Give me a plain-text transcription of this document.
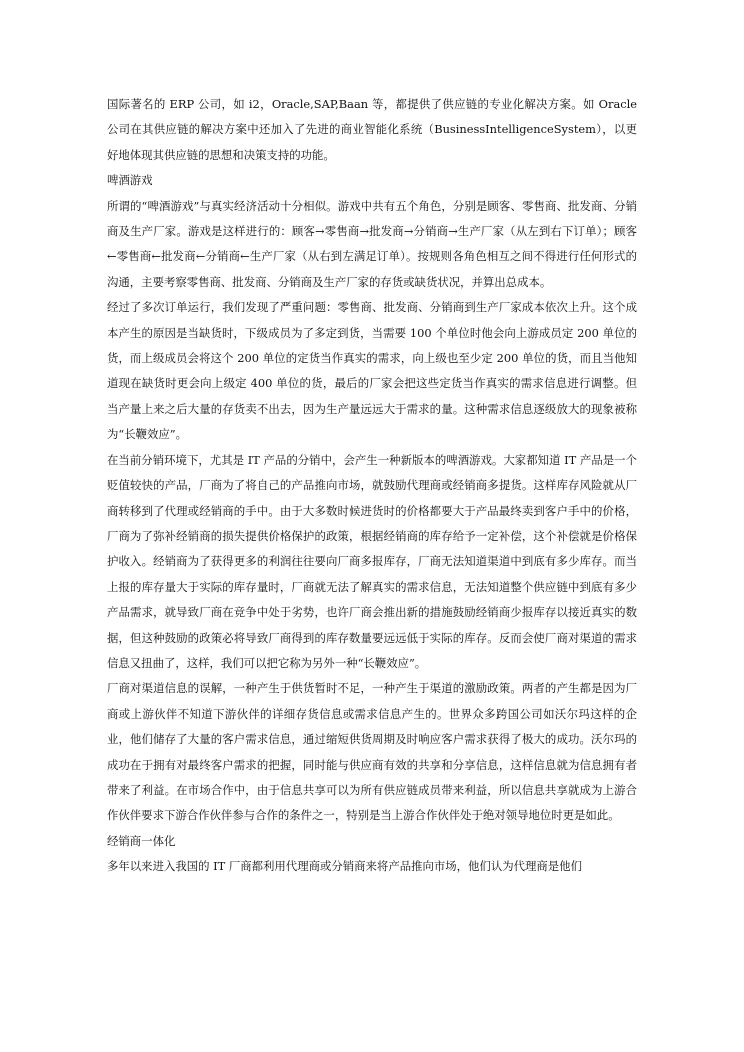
国际著名的 ERP 公司，如 i2，Oracle,SAP,Baan 等，都提供了供应链的专业化解决方案。如 Oracle 公司在其供应链的解决方案中还加入了先进的商业智能化系统（BusinessIntelligenceSystem），以更好地体现其供应链的思想和决策支持的功能。

啤酒游戏

所谓的“啤酒游戏”与真实经济活动十分相似。游戏中共有五个角色，分别是顾客、零售商、批发商、分销商及生产厂家。游戏是这样进行的：顾客→零售商→批发商→分销商→生产厂家（从左到右下订单）；顾客←零售商←批发商←分销商←生产厂家（从右到左满足订单）。按规则各角色相互之间不得进行任何形式的沟通，主要考察零售商、批发商、分销商及生产厂家的存货或缺货状况，并算出总成本。

经过了多次订单运行，我们发现了严重问题：零售商、批发商、分销商到生产厂家成本依次上升。这个成本产生的原因是当缺货时，下级成员为了多定到货，当需要 100 个单位时他会向上游成员定 200 单位的货，而上级成员会将这个 200 单位的定货当作真实的需求，向上级也至少定 200 单位的货，而且当他知道现在缺货时更会向上级定 400 单位的货，最后的厂家会把这些定货当作真实的需求信息进行调整。但当产量上来之后大量的存货卖不出去，因为生产量远远大于需求的量。这种需求信息逐级放大的现象被称为“长鞭效应”。

在当前分销环境下，尤其是 IT 产品的分销中，会产生一种新版本的啤酒游戏。大家都知道 IT 产品是一个贬值较快的产品，厂商为了将自己的产品推向市场，就鼓励代理商或经销商多提货。这样库存风险就从厂商转移到了代理或经销商的手中。由于大多数时候进货时的价格都要大于产品最终卖到客户手中的价格，厂商为了弥补经销商的损失提供价格保护的政策，根据经销商的库存给予一定补偿，这个补偿就是价格保护收入。经销商为了获得更多的利润往往要向厂商多报库存，厂商无法知道渠道中到底有多少库存。而当上报的库存量大于实际的库存量时，厂商就无法了解真实的需求信息，无法知道整个供应链中到底有多少产品需求，就导致厂商在竞争中处于劣势，也许厂商会推出新的措施鼓励经销商少报库存以接近真实的数据，但这种鼓励的政策必将导致厂商得到的库存数量要远远低于实际的库存。反而会使厂商对渠道的需求信息又扭曲了，这样，我们可以把它称为另外一种“长鞭效应”。

厂商对渠道信息的误解，一种产生于供货暂时不足，一种产生于渠道的激励政策。两者的产生都是因为厂商或上游伙伴不知道下游伙伴的详细存货信息或需求信息产生的。世界众多跨国公司如沃尔玛这样的企业，他们储存了大量的客户需求信息，通过缩短供货周期及时响应客户需求获得了极大的成功。沃尔玛的成功在于拥有对最终客户需求的把握，同时能与供应商有效的共享和分享信息，这样信息就为信息拥有者带来了利益。在市场合作中，由于信息共享可以为所有供应链成员带来利益，所以信息共享就成为上游合作伙伴要求下游合作伙伴参与合作的条件之一，特别是当上游合作伙伴处于绝对领导地位时更是如此。

经销商一体化

多年以来进入我国的 IT 厂商都利用代理商或分销商来将产品推向市场，他们认为代理商是他们
